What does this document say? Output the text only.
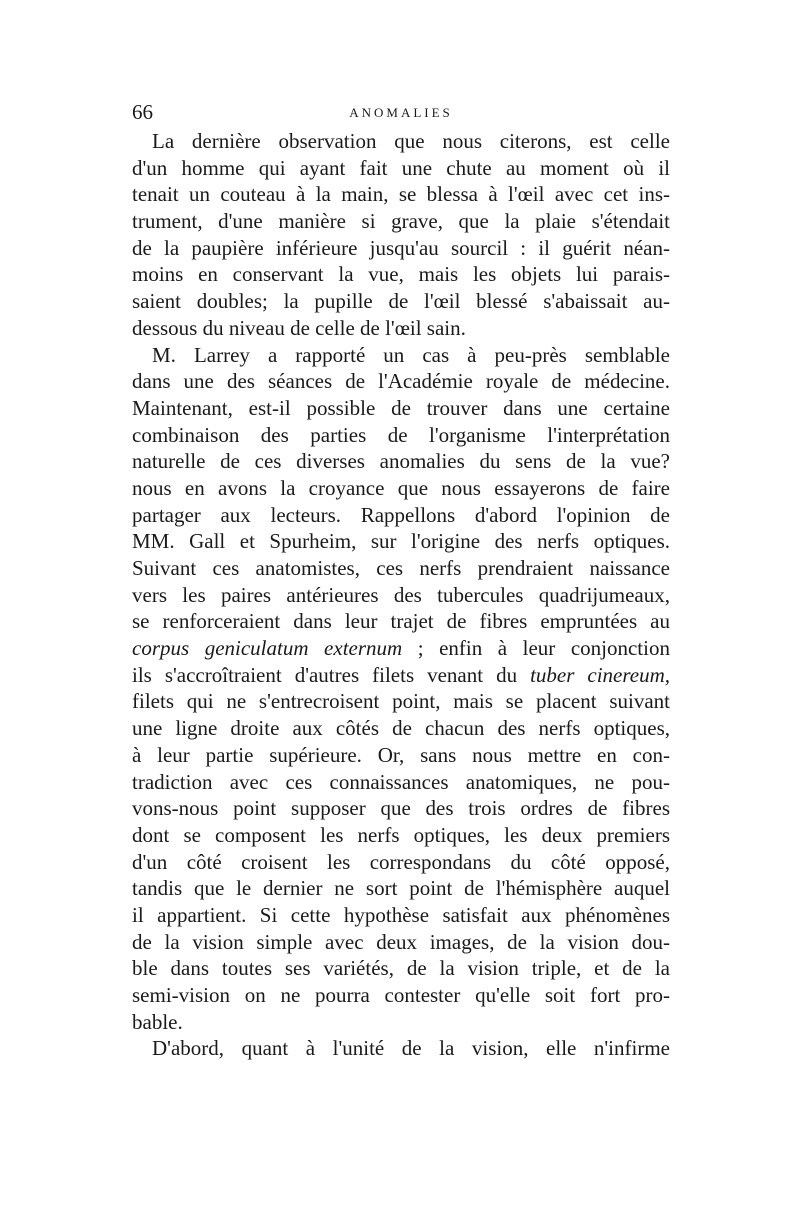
66	ANOMALIES
La dernière observation que nous citerons, est celle
d'un homme qui ayant fait une chute au moment où il
tenait un couteau à la main, se blessa à l'œil avec cet ins-
trument, d'une manière si grave, que la plaie s'étendait
de la paupière inférieure jusqu'au sourcil : il guérit néan-
moins en conservant la vue, mais les objets lui parais-
saient doubles; la pupille de l'œil blessé s'abaissait au-
dessous du niveau de celle de l'œil sain.
M. Larrey a rapporté un cas à peu-près semblable
dans une des séances de l'Académie royale de médecine.
Maintenant, est-il possible de trouver dans une certaine
combinaison des parties de l'organisme l'interprétation
naturelle de ces diverses anomalies du sens de la vue?
nous en avons la croyance que nous essayerons de faire
partager aux lecteurs. Rappellons d'abord l'opinion de
MM. Gall et Spurheim, sur l'origine des nerfs optiques.
Suivant ces anatomistes, ces nerfs prendraient naissance
vers les paires antérieures des tubercules quadrijumeaux,
se renforceraient dans leur trajet de fibres empruntées au
corpus geniculatum externum ; enfin à leur conjonction
ils s'accroîtraient d'autres filets venant du tuber cinereum,
filets qui ne s'entrecroisent point, mais se placent suivant
une ligne droite aux côtés de chacun des nerfs optiques,
à leur partie supérieure. Or, sans nous mettre en con-
tradiction avec ces connaissances anatomiques, ne pou-
vons-nous point supposer que des trois ordres de fibres
dont se composent les nerfs optiques, les deux premiers
d'un côté croisent les correspondans du côté opposé,
tandis que le dernier ne sort point de l'hémisphère auquel
il appartient. Si cette hypothèse satisfait aux phénomènes
de la vision simple avec deux images, de la vision dou-
ble dans toutes ses variétés, de la vision triple, et de la
semi-vision on ne pourra contester qu'elle soit fort pro-
bable.
D'abord, quant à l'unité de la vision, elle n'infirme
